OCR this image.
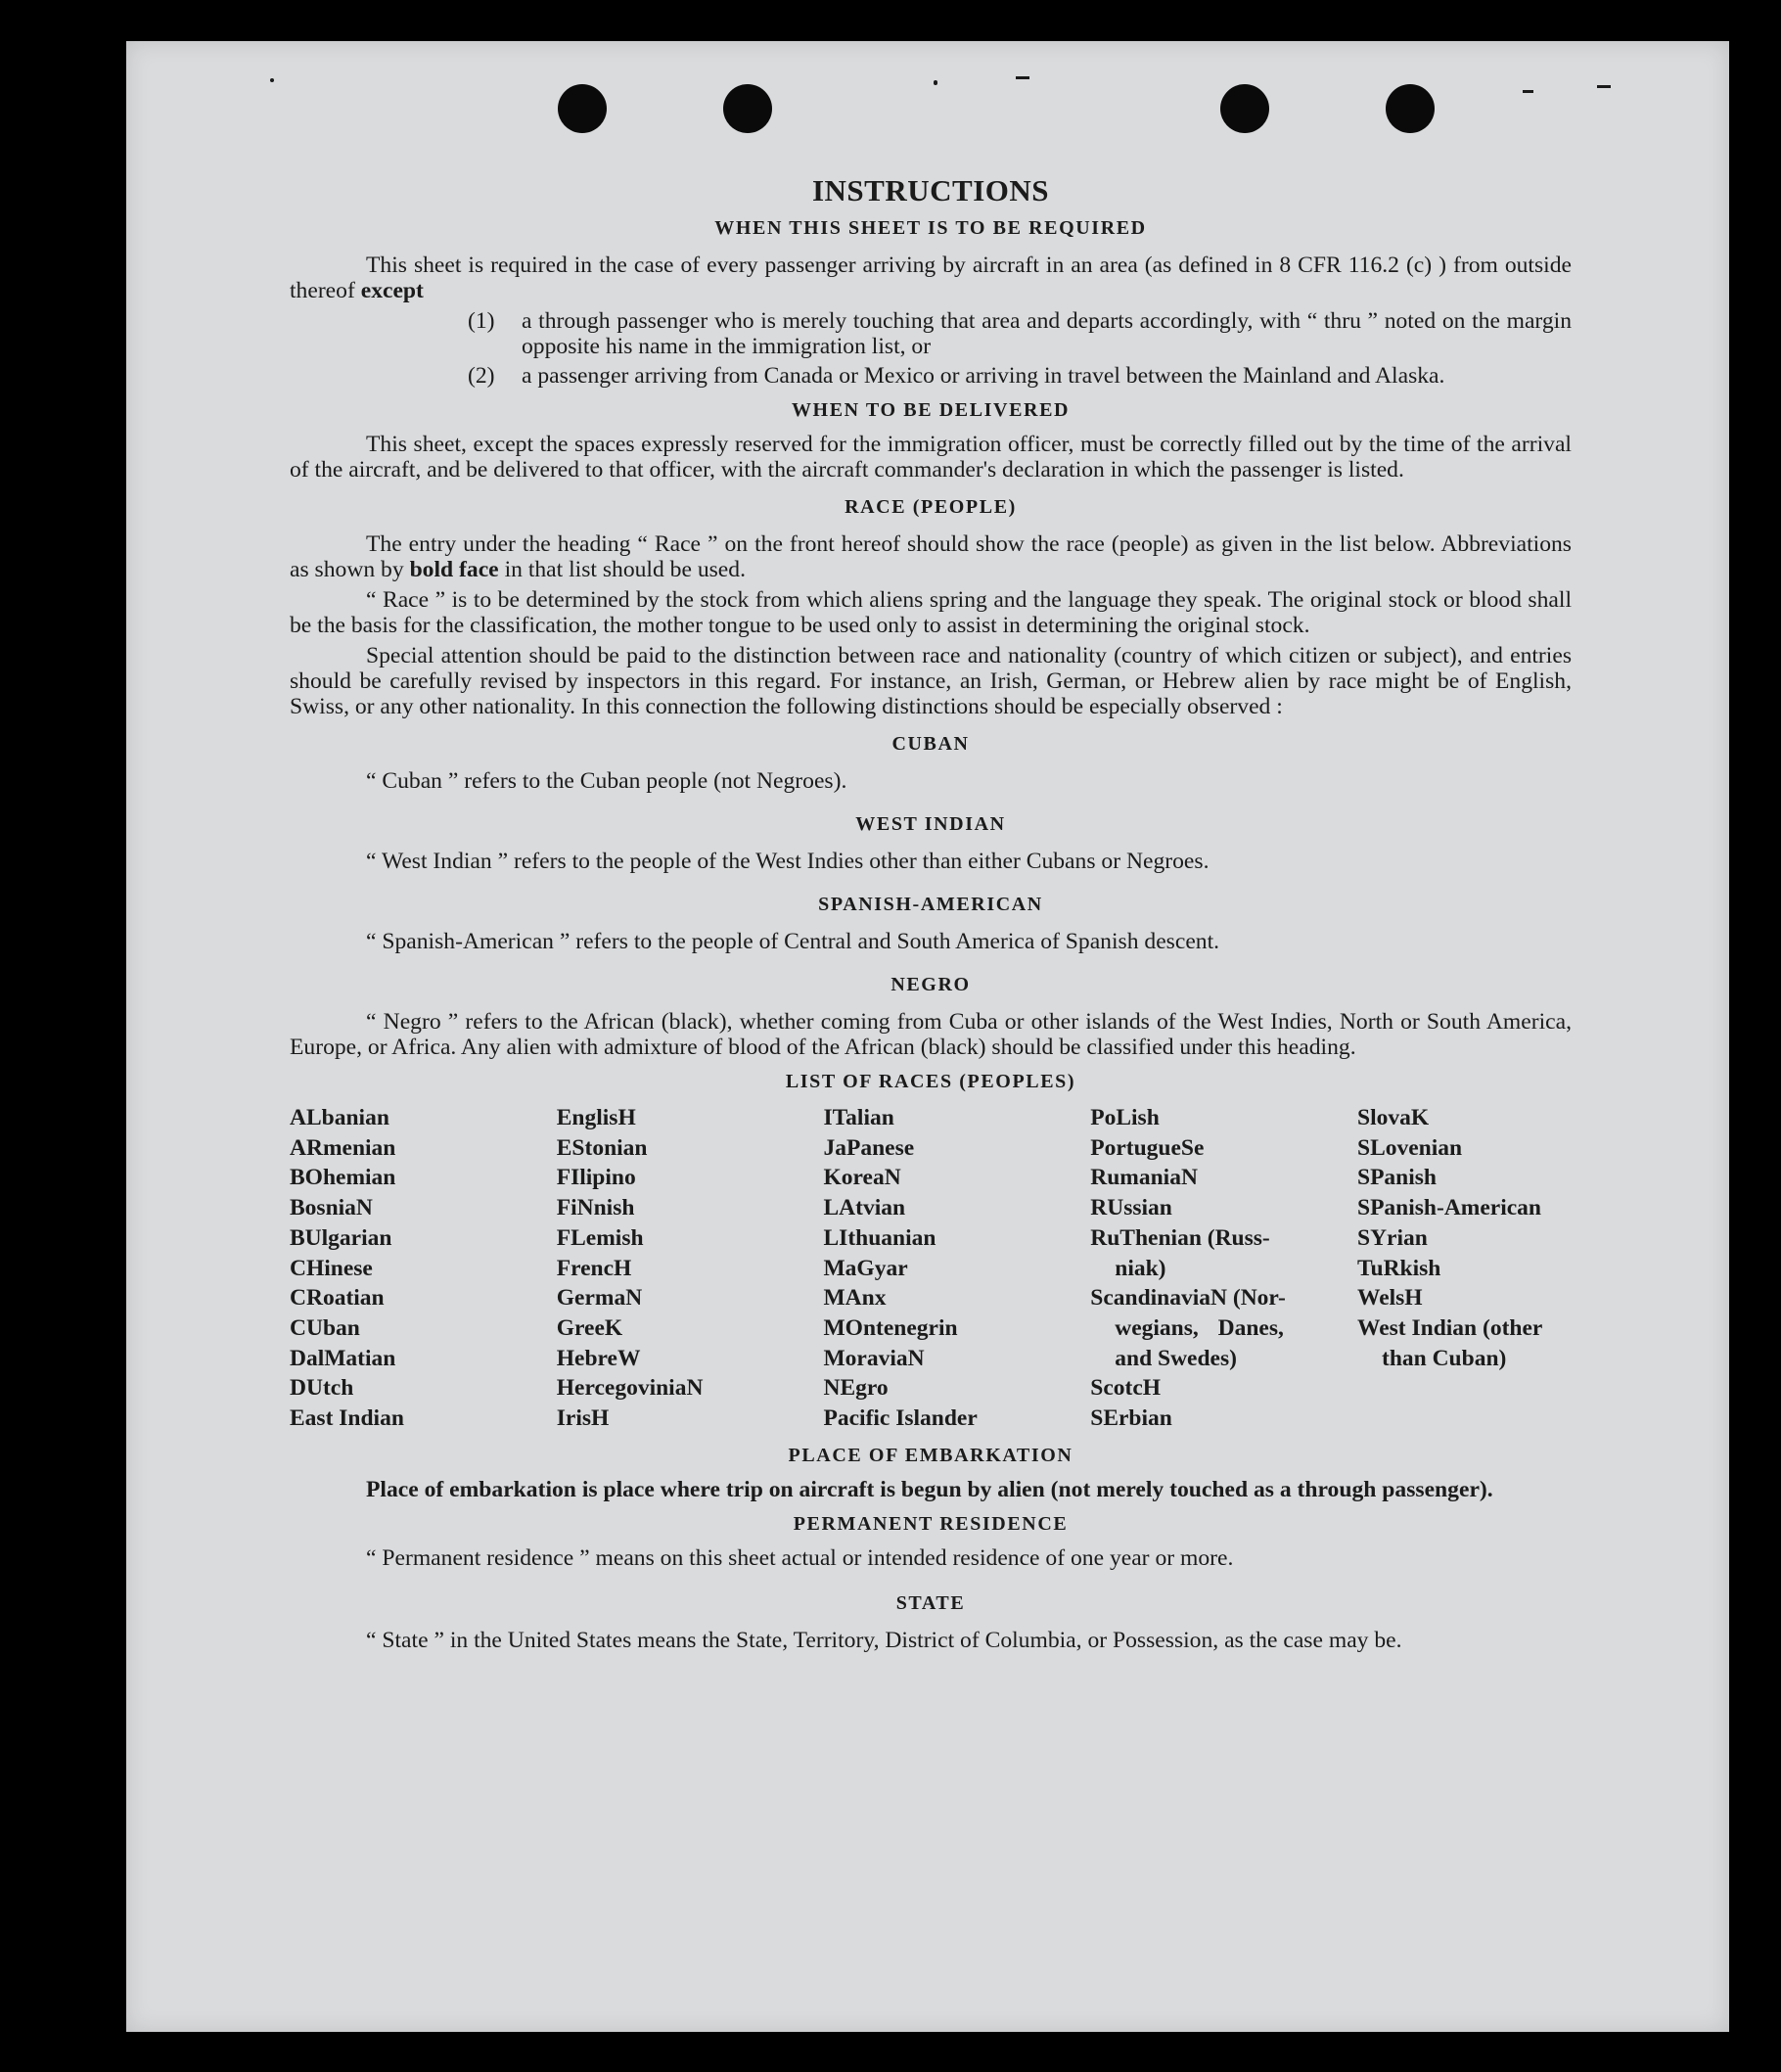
INSTRUCTIONS
WHEN THIS SHEET IS TO BE REQUIRED

This sheet is required in the case of every passenger arriving by aircraft in an area (as defined in 8 CFR 116.2 (c) ) from outside thereof except

(1) a through passenger who is merely touching that area and departs accordingly, with “ thru ” noted on the margin opposite his name in the immigration list, or

(2) a passenger arriving from Canada or Mexico or arriving in travel between the Mainland and Alaska.

WHEN TO BE DELIVERED

This sheet, except the spaces expressly reserved for the immigration officer, must be correctly filled out by the time of the arrival of the aircraft, and be delivered to that officer, with the aircraft commander's declaration in which the passenger is listed.

RACE (PEOPLE)

The entry under the heading “ Race ” on the front hereof should show the race (people) as given in the list below. Abbreviations as shown by bold face in that list should be used.

“ Race ” is to be determined by the stock from which aliens spring and the language they speak. The original stock or blood shall be the basis for the classification, the mother tongue to be used only to assist in determining the original stock.

Special attention should be paid to the distinction between race and nationality (country of which citizen or subject), and entries should be carefully revised by inspectors in this regard. For instance, an Irish, German, or Hebrew alien by race might be of English, Swiss, or any other nationality. In this connection the following distinctions should be especially observed :

CUBAN

“ Cuban ” refers to the Cuban people (not Negroes).

WEST INDIAN

“ West Indian ” refers to the people of the West Indies other than either Cubans or Negroes.

SPANISH-AMERICAN

“ Spanish-American ” refers to the people of Central and South America of Spanish descent.

NEGRO

“ Negro ” refers to the African (black), whether coming from Cuba or other islands of the West Indies, North or South America, Europe, or Africa. Any alien with admixture of blood of the African (black) should be classified under this heading.

LIST OF RACES (PEOPLES)
ALbanian
ARmenian
BOhemian
BosniaN
BUlgarian
CHinese
CRoatian
CUban
DalMatian
DUtch
East Indian
EnglisH
EStonian
FIlipino
FiNnish
FLemish
FrencH
GermaN
GreeK
HebreW
HercegoviniaN
IrisH
ITalian
JaPanese
KoreaN
LAtvian
LIthuanian
MaGyar
MAnx
MOntenegrin
MoraviaN
NEgro
Pacific Islander
PoLish
PortugueSe
RumaniaN
RUssian
RuThenian (Russ-
niak)
ScandinaviaN (Nor-
wegians, Danes,
and Swedes)
ScotcH
SErbian
SlovaK
SLovenian
SPanish
SPanish-American
SYrian
TuRkish
WelsH
West Indian (other
than Cuban)
PLACE OF EMBARKATION

Place of embarkation is place where trip on aircraft is begun by alien (not merely touched as a through passenger).

PERMANENT RESIDENCE

“ Permanent residence ” means on this sheet actual or intended residence of one year or more.

STATE

“ State ” in the United States means the State, Territory, District of Columbia, or Possession, as the case may be.
